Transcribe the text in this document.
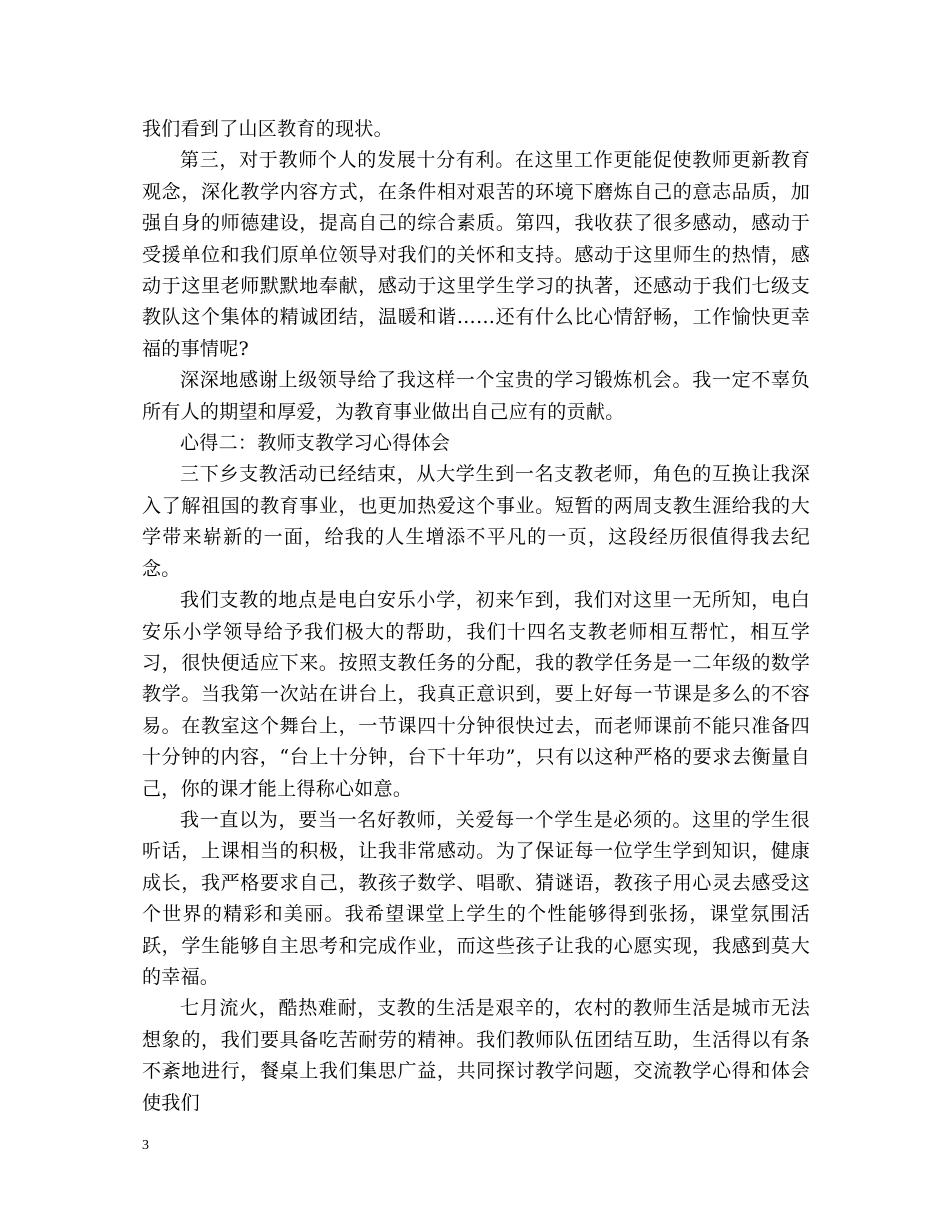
我们看到了山区教育的现状。

第三，对于教师个人的发展十分有利。在这里工作更能促使教师更新教育观念，深化教学内容方式，在条件相对艰苦的环境下磨炼自己的意志品质，加强自身的师德建设，提高自己的综合素质。第四，我收获了很多感动，感动于受援单位和我们原单位领导对我们的关怀和支持。感动于这里师生的热情，感动于这里老师默默地奉献，感动于这里学生学习的执著，还感动于我们七级支教队这个集体的精诚团结，温暖和谐……还有什么比心情舒畅，工作愉快更幸福的事情呢?

深深地感谢上级领导给了我这样一个宝贵的学习锻炼机会。我一定不辜负所有人的期望和厚爱，为教育事业做出自己应有的贡献。

心得二：教师支教学习心得体会

三下乡支教活动已经结束，从大学生到一名支教老师，角色的互换让我深入了解祖国的教育事业，也更加热爱这个事业。短暂的两周支教生涯给我的大学带来崭新的一面，给我的人生增添不平凡的一页，这段经历很值得我去纪念。

我们支教的地点是电白安乐小学，初来乍到，我们对这里一无所知，电白安乐小学领导给予我们极大的帮助，我们十四名支教老师相互帮忙，相互学习，很快便适应下来。按照支教任务的分配，我的教学任务是一二年级的数学教学。当我第一次站在讲台上，我真正意识到，要上好每一节课是多么的不容易。在教室这个舞台上，一节课四十分钟很快过去，而老师课前不能只准备四十分钟的内容，“台上十分钟，台下十年功”，只有以这种严格的要求去衡量自己，你的课才能上得称心如意。

我一直以为，要当一名好教师，关爱每一个学生是必须的。这里的学生很听话，上课相当的积极，让我非常感动。为了保证每一位学生学到知识，健康成长，我严格要求自己，教孩子数学、唱歌、猜谜语，教孩子用心灵去感受这个世界的精彩和美丽。我希望课堂上学生的个性能够得到张扬，课堂氛围活跃，学生能够自主思考和完成作业，而这些孩子让我的心愿实现，我感到莫大的幸福。

七月流火，酷热难耐，支教的生活是艰辛的，农村的教师生活是城市无法想象的，我们要具备吃苦耐劳的精神。我们教师队伍团结互助，生活得以有条不紊地进行，餐桌上我们集思广益，共同探讨教学问题，交流教学心得和体会使我们

3
